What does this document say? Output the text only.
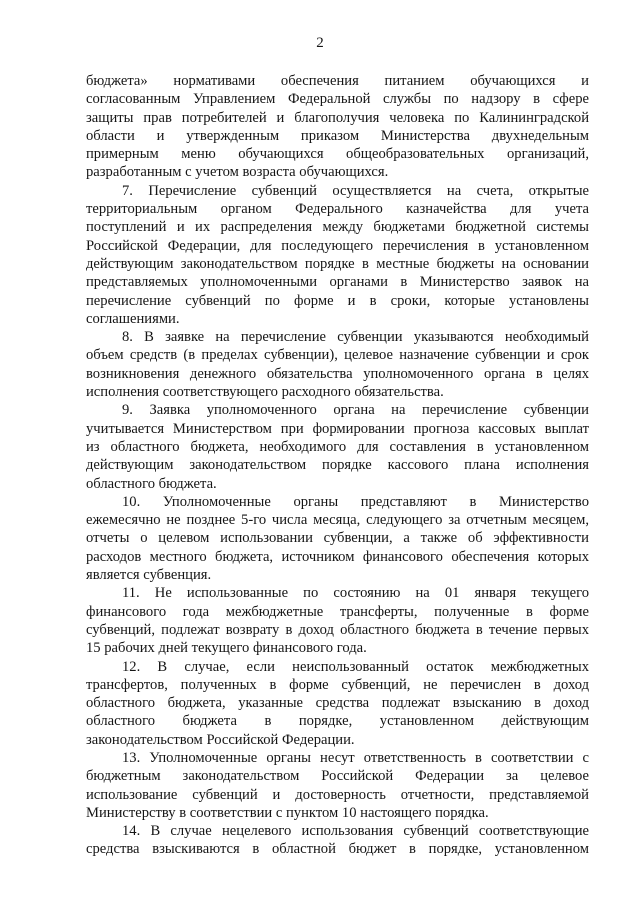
2
бюджета» нормативами обеспечения питанием обучающихся и
согласованным Управлением Федеральной службы по надзору в сфере
защиты прав потребителей и благополучия человека по Калининградской
области и утвержденным приказом Министерства двухнедельным
примерным меню обучающихся общеобразовательных организаций,
разработанным с учетом возраста обучающихся.
7. Перечисление субвенций осуществляется на счета, открытые
территориальным органом Федерального казначейства для учета
поступлений и их распределения между бюджетами бюджетной системы
Российской Федерации, для последующего перечисления в установленном
действующим законодательством порядке в местные бюджеты на основании
представляемых уполномоченными органами в Министерство заявок на
перечисление субвенций по форме и в сроки, которые установлены
соглашениями.
8. В заявке на перечисление субвенции указываются необходимый
объем средств (в пределах субвенции), целевое назначение субвенции и срок
возникновения денежного обязательства уполномоченного органа в целях
исполнения соответствующего расходного обязательства.
9. Заявка уполномоченного органа на перечисление субвенции
учитывается Министерством при формировании прогноза кассовых выплат
из областного бюджета, необходимого для составления в установленном
действующим законодательством порядке кассового плана исполнения
областного бюджета.
10. Уполномоченные органы представляют в Министерство
ежемесячно не позднее 5-го числа месяца, следующего за отчетным месяцем,
отчеты о целевом использовании субвенции, а также об эффективности
расходов местного бюджета, источником финансового обеспечения которых
является субвенция.
11. Не использованные по состоянию на 01 января текущего
финансового года межбюджетные трансферты, полученные в форме
субвенций, подлежат возврату в доход областного бюджета в течение первых
15 рабочих дней текущего финансового года.
12. В случае, если неиспользованный остаток межбюджетных
трансфертов, полученных в форме субвенций, не перечислен в доход
областного бюджета, указанные средства подлежат взысканию в доход
областного бюджета в порядке, установленном действующим
законодательством Российской Федерации.
13. Уполномоченные органы несут ответственность в соответствии с
бюджетным законодательством Российской Федерации за целевое
использование субвенций и достоверность отчетности, представляемой
Министерству в соответствии с пунктом 10 настоящего порядка.
14. В случае нецелевого использования субвенций соответствующие
средства взыскиваются в областной бюджет в порядке, установленном
